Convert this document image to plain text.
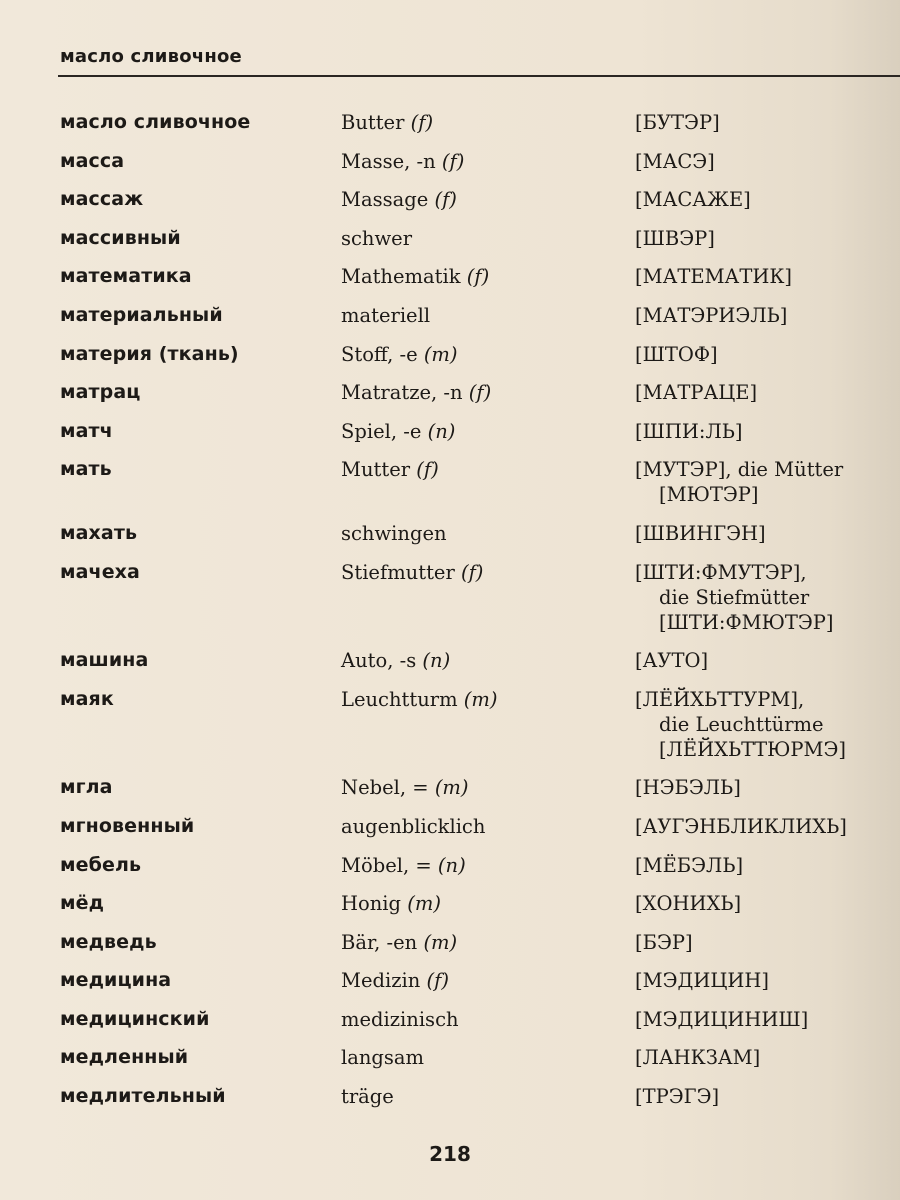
масло сливочное
масло сливочное	Butter (f)	[БУТЭР]
масса	Masse, -n (f)	[МАСЭ]
массаж	Massage (f)	[МАСАЖЕ]
массивный	schwer	[ШВЭР]
математика	Mathematik (f)	[МАТЕМАТИК]
материальный	materiell	[МАТЭРИЭЛЬ]
материя (ткань)	Stoff, -e (m)	[ШТОФ]
матрац	Matratze, -n (f)	[МАТРАЦЕ]
матч	Spiel, -e (n)	[ШПИ:ЛЬ]
мать	Mutter (f)	[МУТЭР], die Mütter
[МЮТЭР]
махать	schwingen	[ШВИНГЭН]
мачеха	Stiefmutter (f)	[ШТИ:ФМУТЭР],
die Stiefmütter
[ШТИ:ФМЮТЭР]
машина	Auto, -s (n)	[АУТО]
маяк	Leuchtturm (m)	[ЛЁЙХЬТТУРМ],
die Leuchttürme
[ЛЁЙХЬТТЮРМЭ]
мгла	Nebel, = (m)	[НЭБЭЛЬ]
мгновенный	augenblicklich	[АУГЭНБЛИКЛИХЬ]
мебель	Möbel, = (n)	[МЁБЭЛЬ]
мёд	Honig (m)	[ХОНИХЬ]
медведь	Bär, -en (m)	[БЭР]
медицина	Medizin (f)	[МЭДИЦИН]
медицинский	medizinisch	[МЭДИЦИНИШ]
медленный	langsam	[ЛАНКЗАМ]
медлительный	träge	[ТРЭГЭ]
218
